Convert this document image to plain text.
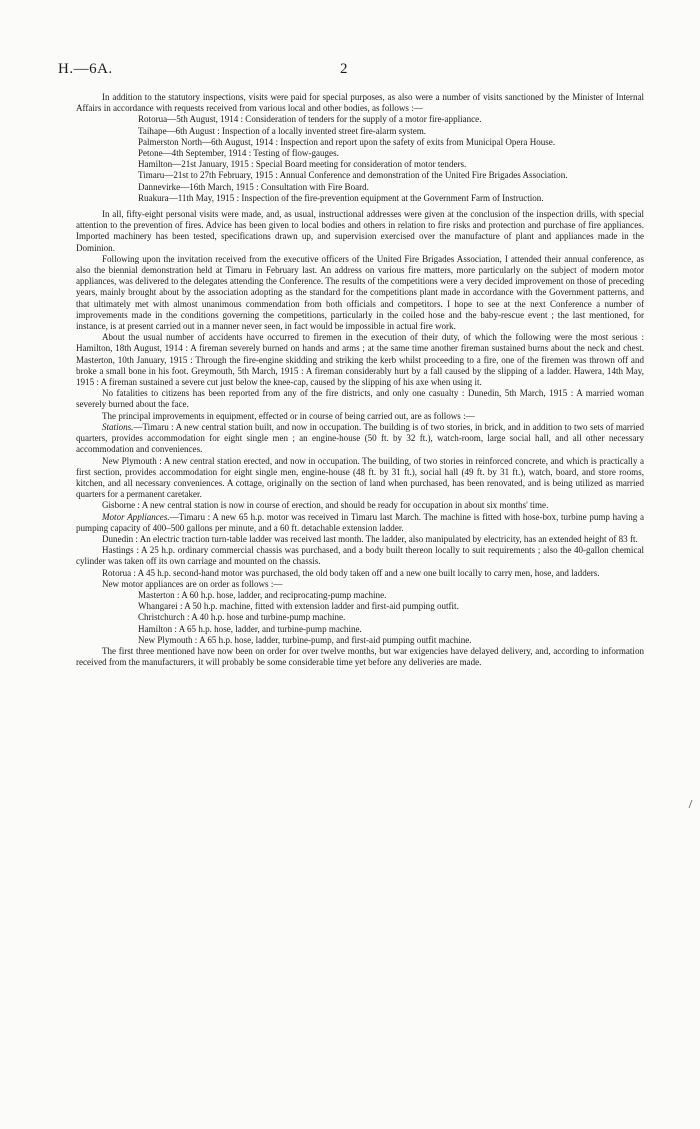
H.—6A.	2

In addition to the statutory inspections, visits were paid for special purposes, as also were a number of visits sanctioned by the Minister of Internal Affairs in accordance with requests received from various local and other bodies, as follows :—

Rotorua—5th August, 1914 : Consideration of tenders for the supply of a motor fire-appliance.

Taihape—6th August : Inspection of a locally invented street fire-alarm system.

Palmerston North—6th August, 1914 : Inspection and report upon the safety of exits from Municipal Opera House.

Petone—4th September, 1914 : Testing of flow-gauges.

Hamilton—21st January, 1915 : Special Board meeting for consideration of motor tenders.

Timaru—21st to 27th February, 1915 : Annual Conference and demonstration of the United Fire Brigades Association.

Dannevirke—16th March, 1915 : Consultation with Fire Board.

Ruakura—11th May, 1915 : Inspection of the fire-prevention equipment at the Government Farm of Instruction.

In all, fifty-eight personal visits were made, and, as usual, instructional addresses were given at the conclusion of the inspection drills, with special attention to the prevention of fires. Advice has been given to local bodies and others in relation to fire risks and protection and purchase of fire appliances. Imported machinery has been tested, specifications drawn up, and supervision exercised over the manufacture of plant and appliances made in the Dominion.

Following upon the invitation received from the executive officers of the United Fire Brigades Association, I attended their annual conference, as also the biennial demonstration held at Timaru in February last. An address on various fire matters, more particularly on the subject of modern motor appliances, was delivered to the delegates attending the Conference. The results of the competitions were a very decided improvement on those of preceding years, mainly brought about by the association adopting as the standard for the competitions plant made in accordance with the Government patterns, and that ultimately met with almost unanimous commendation from both officials and competitors. I hope to see at the next Conference a number of improvements made in the conditions governing the competitions, particularly in the coiled hose and the baby-rescue event ; the last mentioned, for instance, is at present carried out in a manner never seen, in fact would be impossible in actual fire work.

About the usual number of accidents have occurred to firemen in the execution of their duty, of which the following were the most serious : Hamilton, 18th August, 1914 : A fireman severely burned on hands and arms ; at the same time another fireman sustained burns about the neck and chest. Masterton, 10th January, 1915 : Through the fire-engine skidding and striking the kerb whilst proceeding to a fire, one of the firemen was thrown off and broke a small bone in his foot. Greymouth, 5th March, 1915 : A fireman considerably hurt by a fall caused by the slipping of a ladder. Hawera, 14th May, 1915 : A fireman sustained a severe cut just below the knee-cap, caused by the slipping of his axe when using it.

No fatalities to citizens has been reported from any of the fire districts, and only one casualty : Dunedin, 5th March, 1915 : A married woman severely burned about the face.

The principal improvements in equipment, effected or in course of being carried out, are as follows :—

Stations.—Timaru : A new central station built, and now in occupation. The building is of two stories, in brick, and in addition to two sets of married quarters, provides accommodation for eight single men ; an engine-house (50 ft. by 32 ft.), watch-room, large social hall, and all other necessary accommodation and conveniences.

New Plymouth : A new central station erected, and now in occupation. The building, of two stories in reinforced concrete, and which is practically a first section, provides accommodation for eight single men, engine-house (48 ft. by 31 ft.), social hall (49 ft. by 31 ft.), watch, board, and store rooms, kitchen, and all necessary conveniences. A cottage, originally on the section of land when purchased, has been renovated, and is being utilized as married quarters for a permanent caretaker.

Gisborne : A new central station is now in course of erection, and should be ready for occupation in about six months' time.

Motor Appliances.—Timaru : A new 65 h.p. motor was received in Timaru last March. The machine is fitted with hose-box, turbine pump having a pumping capacity of 400–500 gallons per minute, and a 60 ft. detachable extension ladder.

Dunedin : An electric traction turn-table ladder was received last month. The ladder, also manipulated by electricity, has an extended height of 83 ft.

Hastings : A 25 h.p. ordinary commercial chassis was purchased, and a body built thereon locally to suit requirements ; also the 40-gallon chemical cylinder was taken off its own carriage and mounted on the chassis.

Rotorua : A 45 h.p. second-hand motor was purchased, the old body taken off and a new one built locally to carry men, hose, and ladders.

New motor appliances are on order as follows :—

Masterton : A 60 h.p. hose, ladder, and reciprocating-pump machine.

Whangarei : A 50 h.p. machine, fitted with extension ladder and first-aid pumping outfit.

Christchurch : A 40 h.p. hose and turbine-pump machine.

Hamilton : A 65 h.p. hose, ladder, and turbine-pump machine.

New Plymouth : A 65 h.p. hose, ladder, turbine-pump, and first-aid pumping outfit machine.

The first three mentioned have now been on order for over twelve months, but war exigencies have delayed delivery, and, according to information received from the manufacturers, it will probably be some considerable time yet before any deliveries are made.
